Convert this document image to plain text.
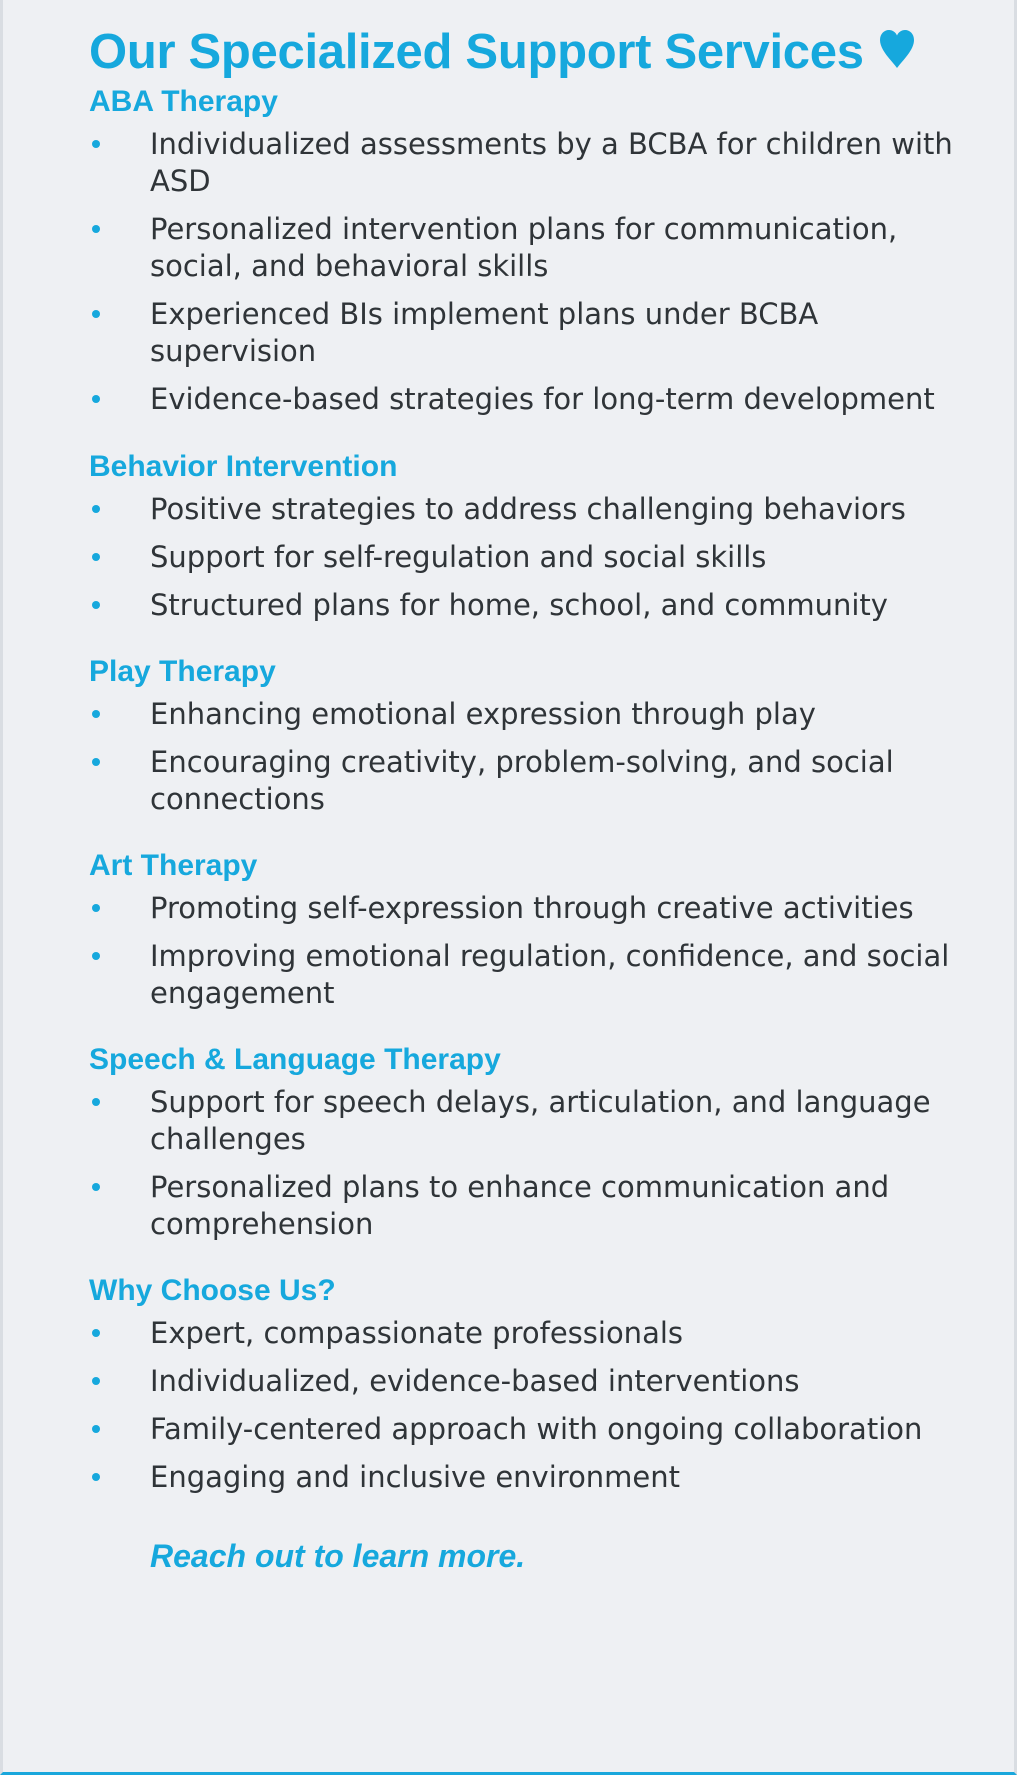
Our Specialized Support Services
ABA Therapy
Individualized assessments by a BCBA for children with ASD
Personalized intervention plans for communication, social, and behavioral skills
Experienced BIs implement plans under BCBA supervision
Evidence-based strategies for long-term development
Behavior Intervention
Positive strategies to address challenging behaviors
Support for self-regulation and social skills
Structured plans for home, school, and community
Play Therapy
Enhancing emotional expression through play
Encouraging creativity, problem-solving, and social connections
Art Therapy
Promoting self-expression through creative activities
Improving emotional regulation, confidence, and social engagement
Speech & Language Therapy
Support for speech delays, articulation, and language challenges
Personalized plans to enhance communication and comprehension
Why Choose Us?
Expert, compassionate professionals
Individualized, evidence-based interventions
Family-centered approach with ongoing collaboration
Engaging and inclusive environment

Reach out to learn more.
